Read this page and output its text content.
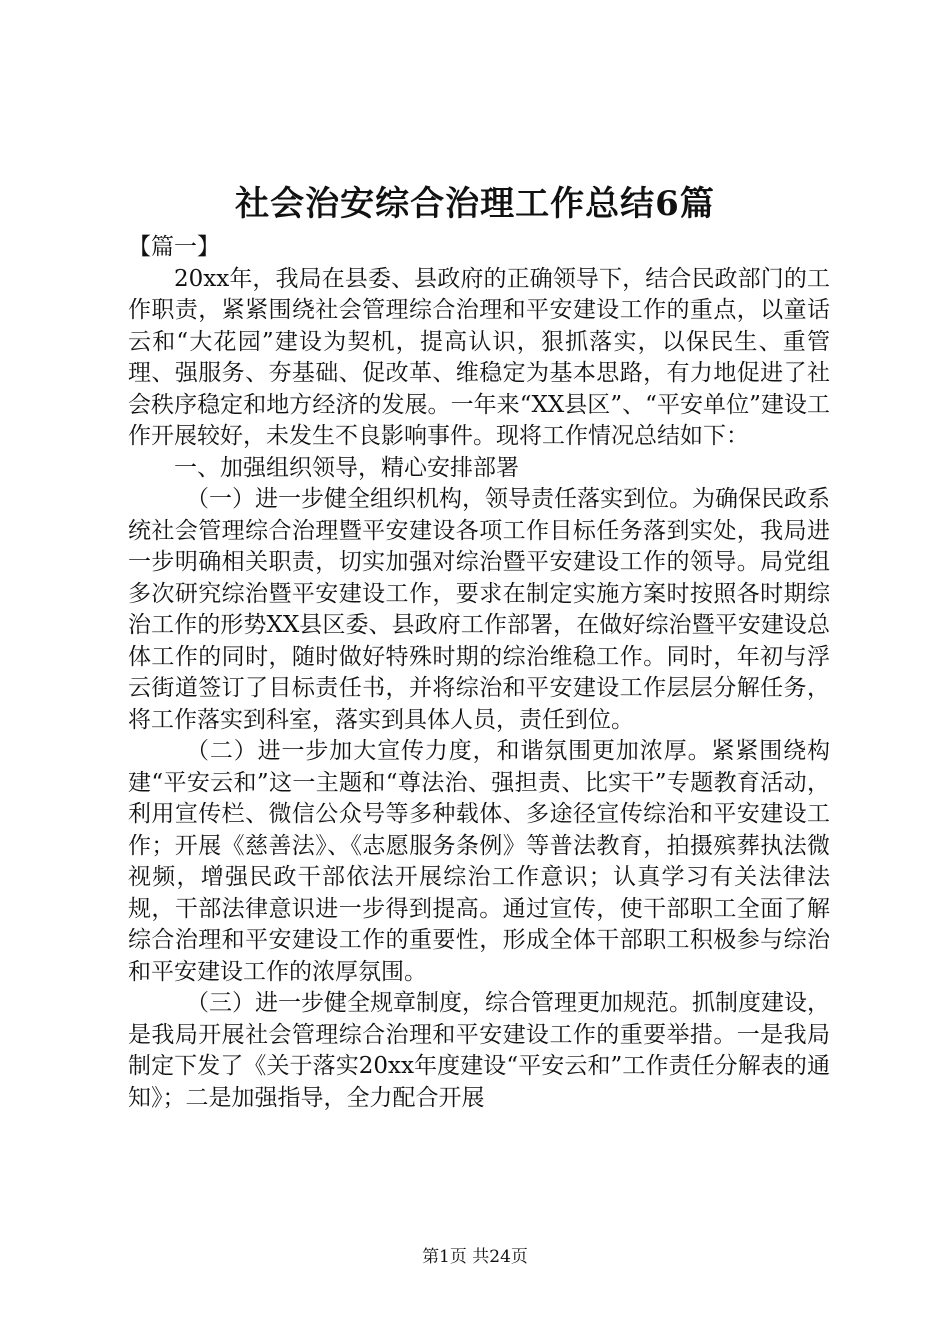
社会治安综合治理工作总结6篇

【篇一】

20xx年，我局在县委、县政府的正确领导下，结合民政部门的工作职责，紧紧围绕社会管理综合治理和平安建设工作的重点，以童话云和“大花园”建设为契机，提高认识，狠抓落实，以保民生、重管理、强服务、夯基础、促改革、维稳定为基本思路，有力地促进了社会秩序稳定和地方经济的发展。一年来“XX县区”、“平安单位”建设工作开展较好，未发生不良影响事件。现将工作情况总结如下：

一、加强组织领导，精心安排部署

（一）进一步健全组织机构，领导责任落实到位。为确保民政系统社会管理综合治理暨平安建设各项工作目标任务落到实处，我局进一步明确相关职责，切实加强对综治暨平安建设工作的领导。局党组多次研究综治暨平安建设工作，要求在制定实施方案时按照各时期综治工作的形势XX县区委、县政府工作部署，在做好综治暨平安建设总体工作的同时，随时做好特殊时期的综治维稳工作。同时，年初与浮云街道签订了目标责任书，并将综治和平安建设工作层层分解任务，将工作落实到科室，落实到具体人员，责任到位。

（二）进一步加大宣传力度，和谐氛围更加浓厚。紧紧围绕构建“平安云和”这一主题和“尊法治、强担责、比实干”专题教育活动，利用宣传栏、微信公众号等多种载体、多途径宣传综治和平安建设工作；开展《慈善法》、《志愿服务条例》等普法教育，拍摄殡葬执法微视频，增强民政干部依法开展综治工作意识；认真学习有关法律法规，干部法律意识进一步得到提高。通过宣传，使干部职工全面了解综合治理和平安建设工作的重要性，形成全体干部职工积极参与综治和平安建设工作的浓厚氛围。

（三）进一步健全规章制度，综合管理更加规范。抓制度建设，是我局开展社会管理综合治理和平安建设工作的重要举措。一是我局制定下发了《关于落实20xx年度建设“平安云和”工作责任分解表的通知》；二是加强指导，全力配合开展

第1页 共24页
